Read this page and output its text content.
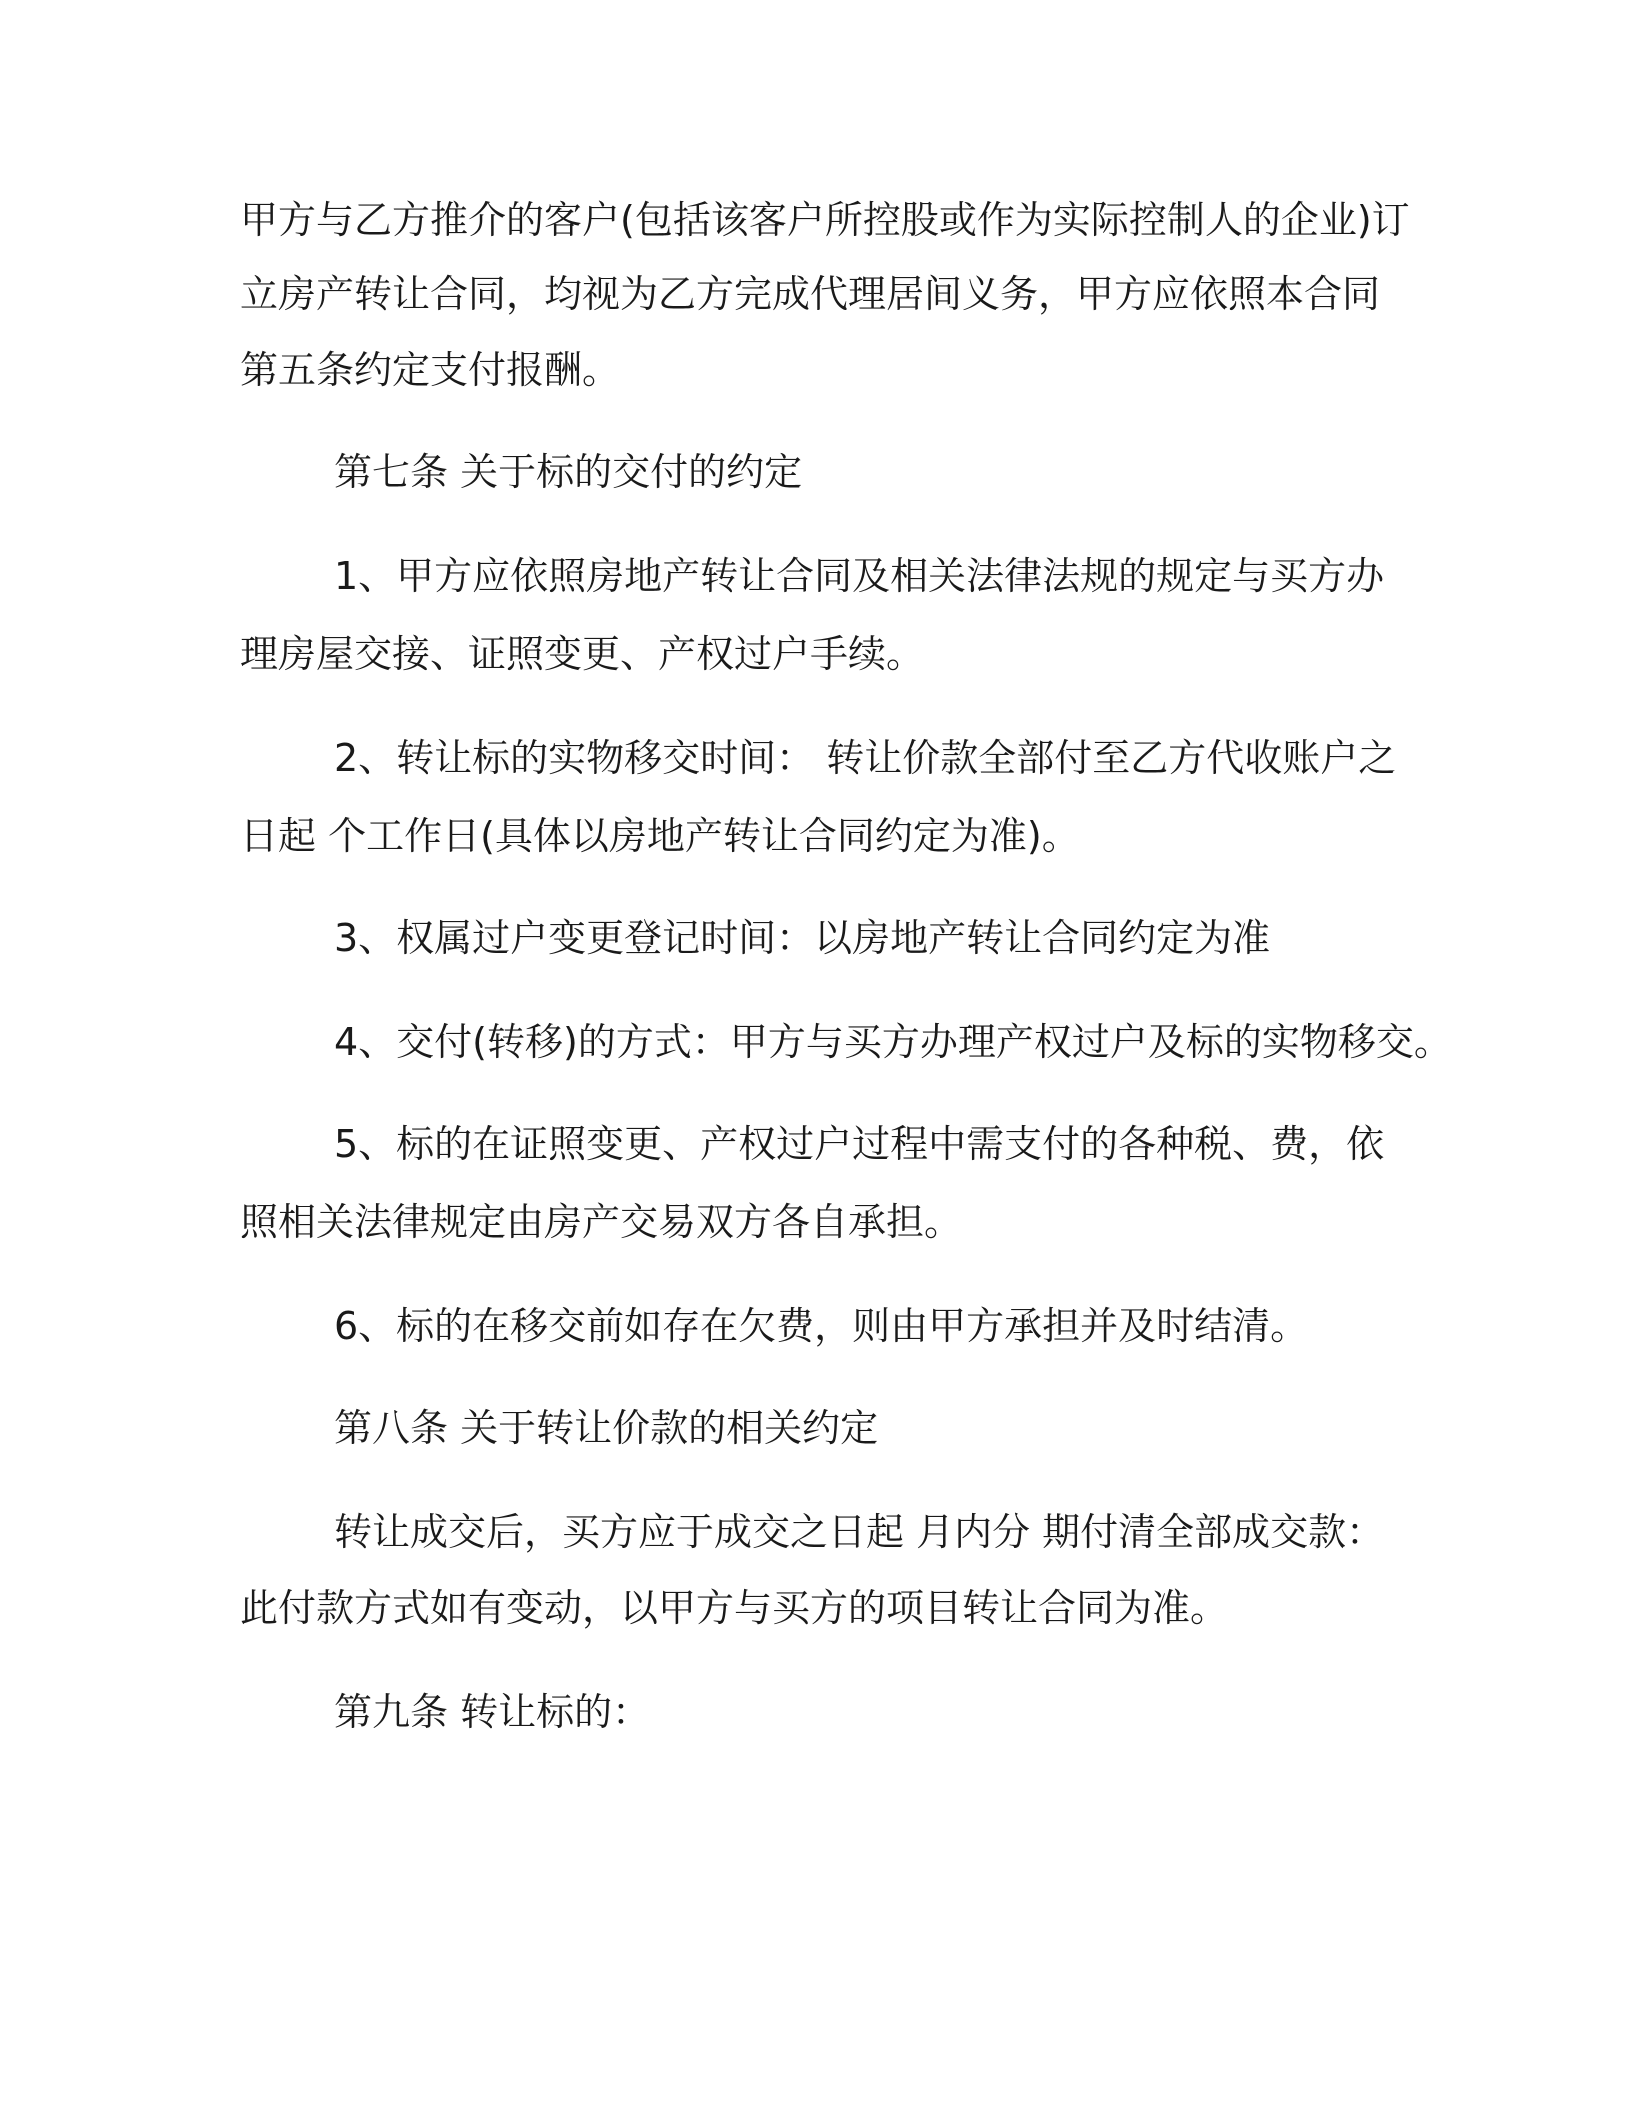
甲方与乙方推介的客户(包括该客户所控股或作为实际控制人的企业)订
立房产转让合同，均视为乙方完成代理居间义务，甲方应依照本合同
第五条约定支付报酬。
第七条 关于标的交付的约定
1、甲方应依照房地产转让合同及相关法律法规的规定与买方办
理房屋交接、证照变更、产权过户手续。
2、转让标的实物移交时间： 转让价款全部付至乙方代收账户之
日起 个工作日(具体以房地产转让合同约定为准)。
3、权属过户变更登记时间：以房地产转让合同约定为准
4、交付(转移)的方式：甲方与买方办理产权过户及标的实物移交。
5、标的在证照变更、产权过户过程中需支付的各种税、费，依
照相关法律规定由房产交易双方各自承担。
6、标的在移交前如存在欠费，则由甲方承担并及时结清。
第八条 关于转让价款的相关约定
转让成交后，买方应于成交之日起 月内分 期付清全部成交款：
此付款方式如有变动，以甲方与买方的项目转让合同为准。
第九条 转让标的：
